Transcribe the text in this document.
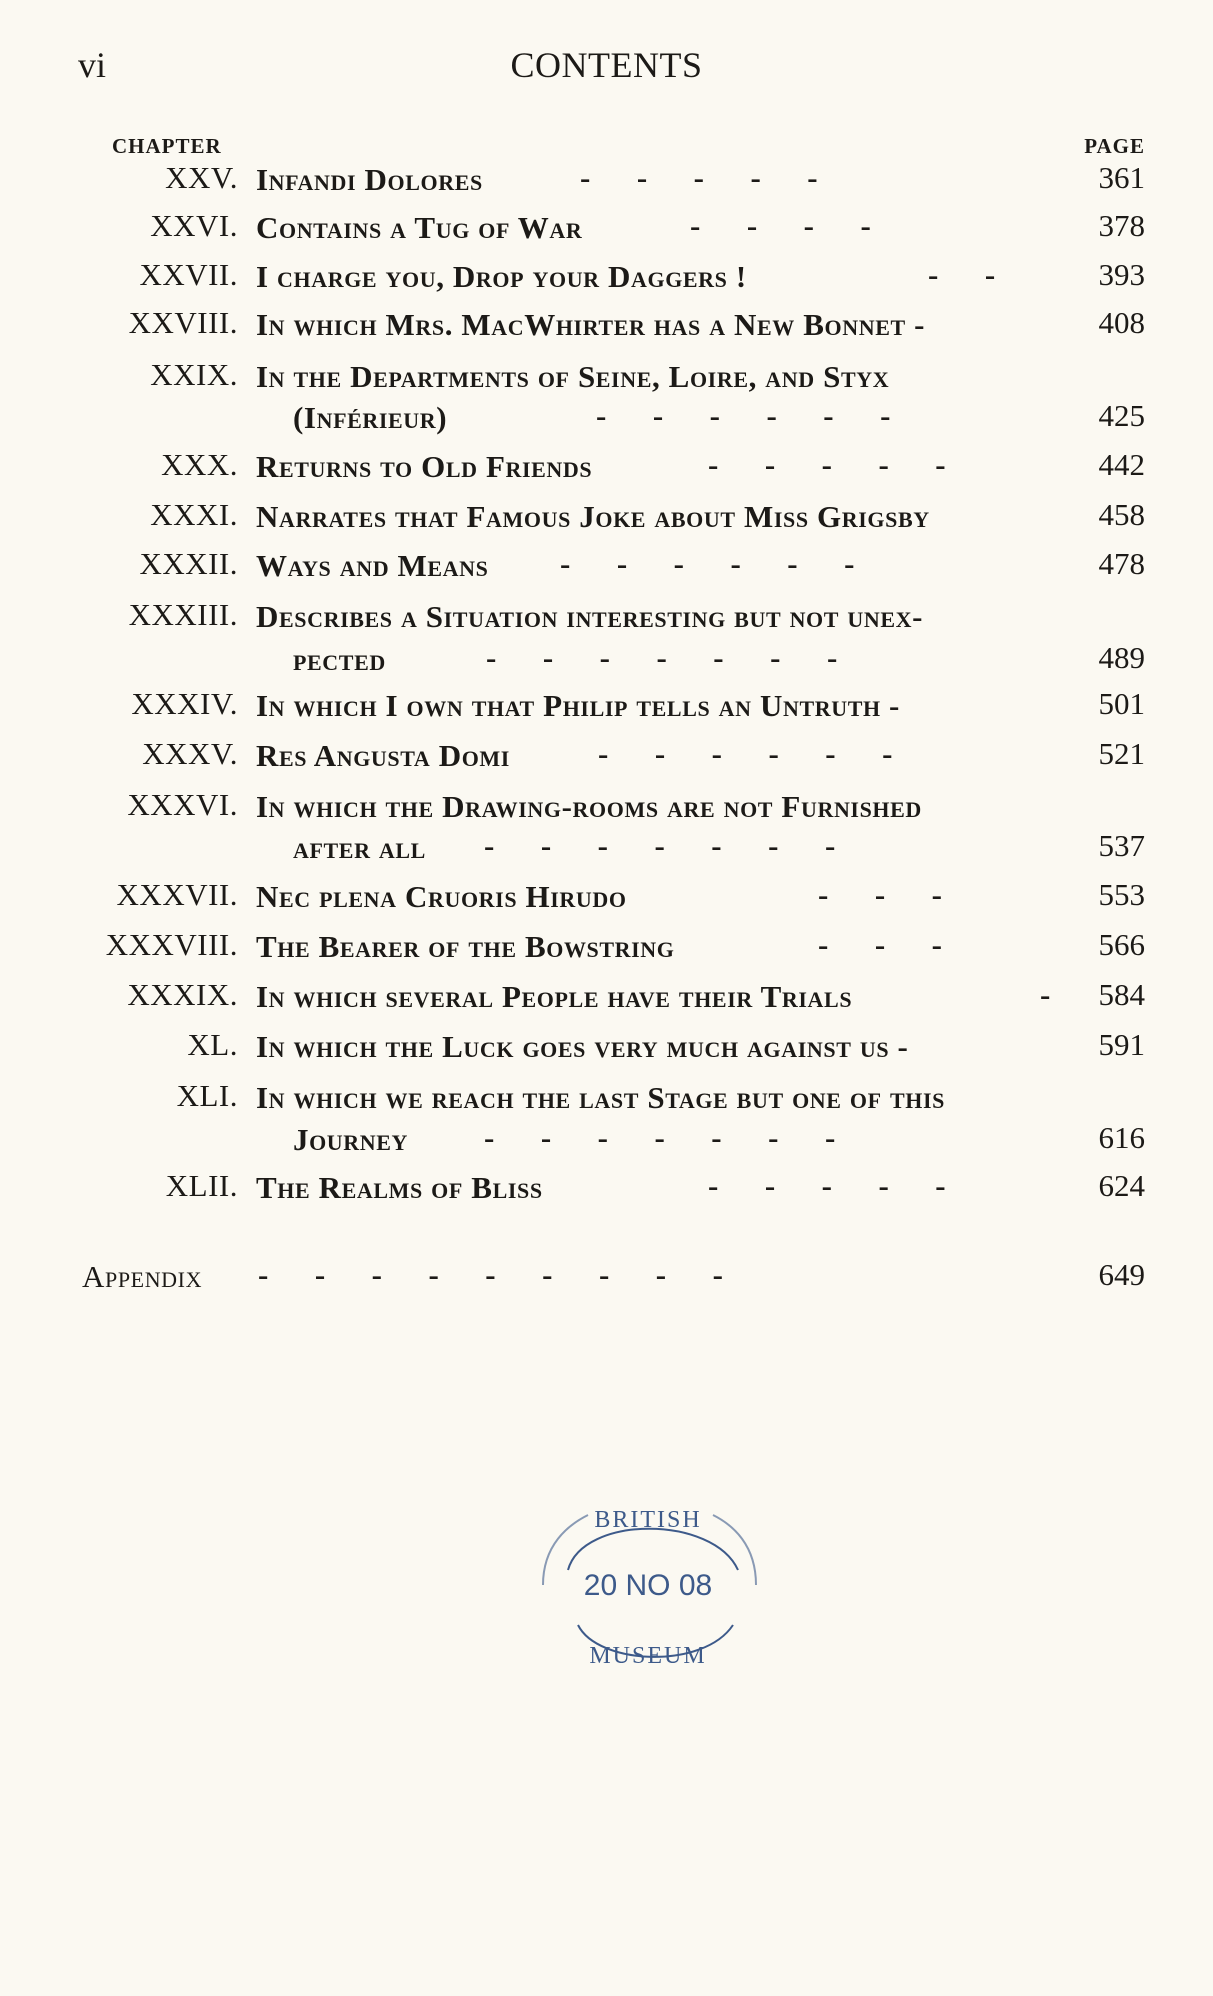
vi	CONTENTS
CHAPTER	PAGE
XXV. Infandi Dolores	-      -      -      -      -	361
XXVI. Contains a Tug of War	-      -      -      -	378
XXVII. I charge you, Drop your Daggers !	-      -	393
XXVIII. In which Mrs. MacWhirter has a New Bonnet -	408
XXIX. In the Departments of Seine, Loire, and Styx
(Inférieur)	-      -      -      -      -      -	425
XXX. Returns to Old Friends	-      -      -      -      -	442
XXXI. Narrates that Famous Joke about Miss Grigsby	458
XXXII. Ways and Means -      -      -      -      -      -	478
XXXIII. Describes a Situation interesting but not unex-
pected	-      -      -      -      -      -      -	489
XXXIV. In which I own that Philip tells an Untruth -	501
XXXV. Res Angusta Domi	-      -      -      -      -      -	521
XXXVI. In which the Drawing-rooms are not Furnished
after all -      -      -      -      -      -      -	537
XXXVII. Nec plena Cruoris Hirudo	-      -      -	553
XXXVIII. The Bearer of the Bowstring	-      -      -	566
XXXIX. In which several People have their Trials	- 584
XL. In which the Luck goes very much against us -	591
XLI. In which we reach the last Stage but one of this
Journey -      -      -      -      -      -      -	616
XLII. The Realms of Bliss	-      -      -      -      -	624
Appendix -      -      -      -      -      -      -      -      -	649
BRITISH
20 NO 08
MUSEUM
